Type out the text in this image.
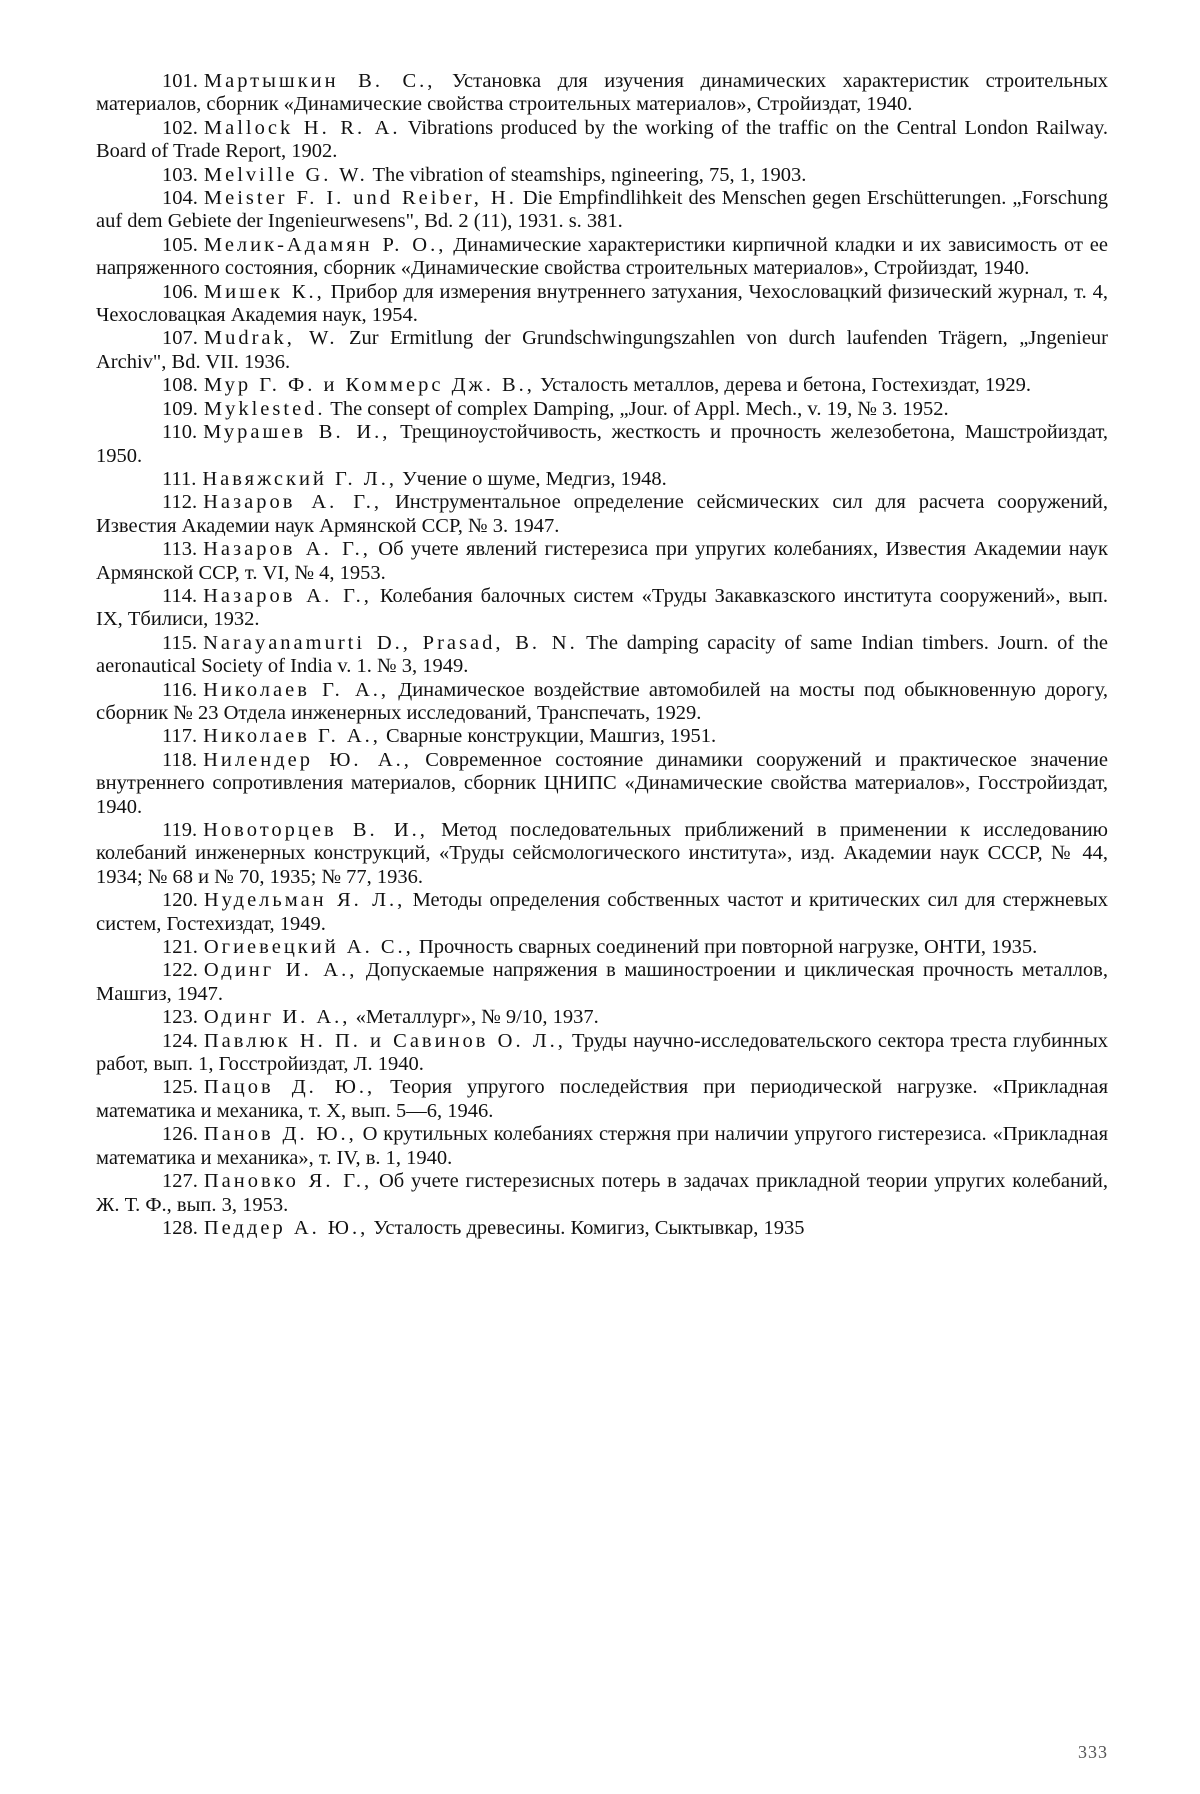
101. Мартышкин В. С., Установка для изучения динамических характеристик строительных материалов, сборник «Динамические свойства строительных материалов», Стройиздат, 1940.

102. Mallock H. R. A. Vibrations produced by the working of the traffic on the Central London Railway. Board of Trade Report, 1902.

103. Melville G. W. The vibration of steamships, ngineering, 75, 1, 1903.

104. Meister F. I. und Reiber, H. Die Empfindlihkeit des Menschen gegen Erschütterungen. „Forschung auf dem Gebiete der Ingenieurwesens", Bd. 2 (11), 1931. s. 381.

105. Мелик-Адамян Р. О., Динамические характеристики кирпичной кладки и их зависимость от ее напряженного состояния, сборник «Динамические свойства строительных материалов», Стройиздат, 1940.

106. Мишек К., Прибор для измерения внутреннего затухания, Чехословацкий физический журнал, т. 4, Чехословацкая Академия наук, 1954.

107. Mudrak, W. Zur Ermitlung der Grundschwingungszahlen von durch laufenden Trägern, „Jngenieur Archiv", Bd. VII. 1936.

108. Мур Г. Ф. и Коммерс Дж. В., Усталость металлов, дерева и бетона, Гостехиздат, 1929.

109. Myklested. The consept of complex Damping, „Jour. of Appl. Mech., v. 19, № 3. 1952.

110. Мурашев В. И., Трещиноустойчивость, жесткость и прочность железобетона, Машстройиздат, 1950.

111. Навяжский Г. Л., Учение о шуме, Медгиз, 1948.

112. Назаров А. Г., Инструментальное определение сейсмических сил для расчета сооружений, Известия Академии наук Армянской ССР, № 3. 1947.

113. Назаров А. Г., Об учете явлений гистерезиса при упругих колебаниях, Известия Академии наук Армянской ССР, т. VI, № 4, 1953.

114. Назаров А. Г., Колебания балочных систем «Труды Закавказского института сооружений», вып. IX, Тбилиси, 1932.

115. Narayanamurti D., Prasad, B. N. The damping capacity of same Indian timbers. Journ. of the aeronautical Society of India v. 1. № 3, 1949.

116. Николаев Г. А., Динамическое воздействие автомобилей на мосты под обыкновенную дорогу, сборник № 23 Отдела инженерных исследований, Транспечать, 1929.

117. Николаев Г. А., Сварные конструкции, Машгиз, 1951.

118. Нилендер Ю. А., Современное состояние динамики сооружений и практическое значение внутреннего сопротивления материалов, сборник ЦНИПС «Динамические свойства материалов», Госстройиздат, 1940.

119. Новоторцев В. И., Метод последовательных приближений в применении к исследованию колебаний инженерных конструкций, «Труды сейсмологического института», изд. Академии наук СССР, № 44, 1934; № 68 и № 70, 1935; № 77, 1936.

120. Нудельман Я. Л., Методы определения собственных частот и критических сил для стержневых систем, Гостехиздат, 1949.

121. Огиевецкий А. С., Прочность сварных соединений при повторной нагрузке, ОНТИ, 1935.

122. Одинг И. А., Допускаемые напряжения в машиностроении и циклическая прочность металлов, Машгиз, 1947.

123. Одинг И. А., «Металлург», № 9/10, 1937.

124. Павлюк Н. П. и Савинов О. Л., Труды научно-исследовательского сектора треста глубинных работ, вып. 1, Госстройиздат, Л. 1940.

125. Пацов Д. Ю., Теория упругого последействия при периодической нагрузке. «Прикладная математика и механика, т. X, вып. 5—6, 1946.

126. Панов Д. Ю., О крутильных колебаниях стержня при наличии упругого гистерезиса. «Прикладная математика и механика», т. IV, в. 1, 1940.

127. Пановко Я. Г., Об учете гистерезисных потерь в задачах прикладной теории упругих колебаний, Ж. Т. Ф., вып. 3, 1953.

128. Педдер А. Ю., Усталость древесины. Комигиз, Сыктывкар, 1935

333
